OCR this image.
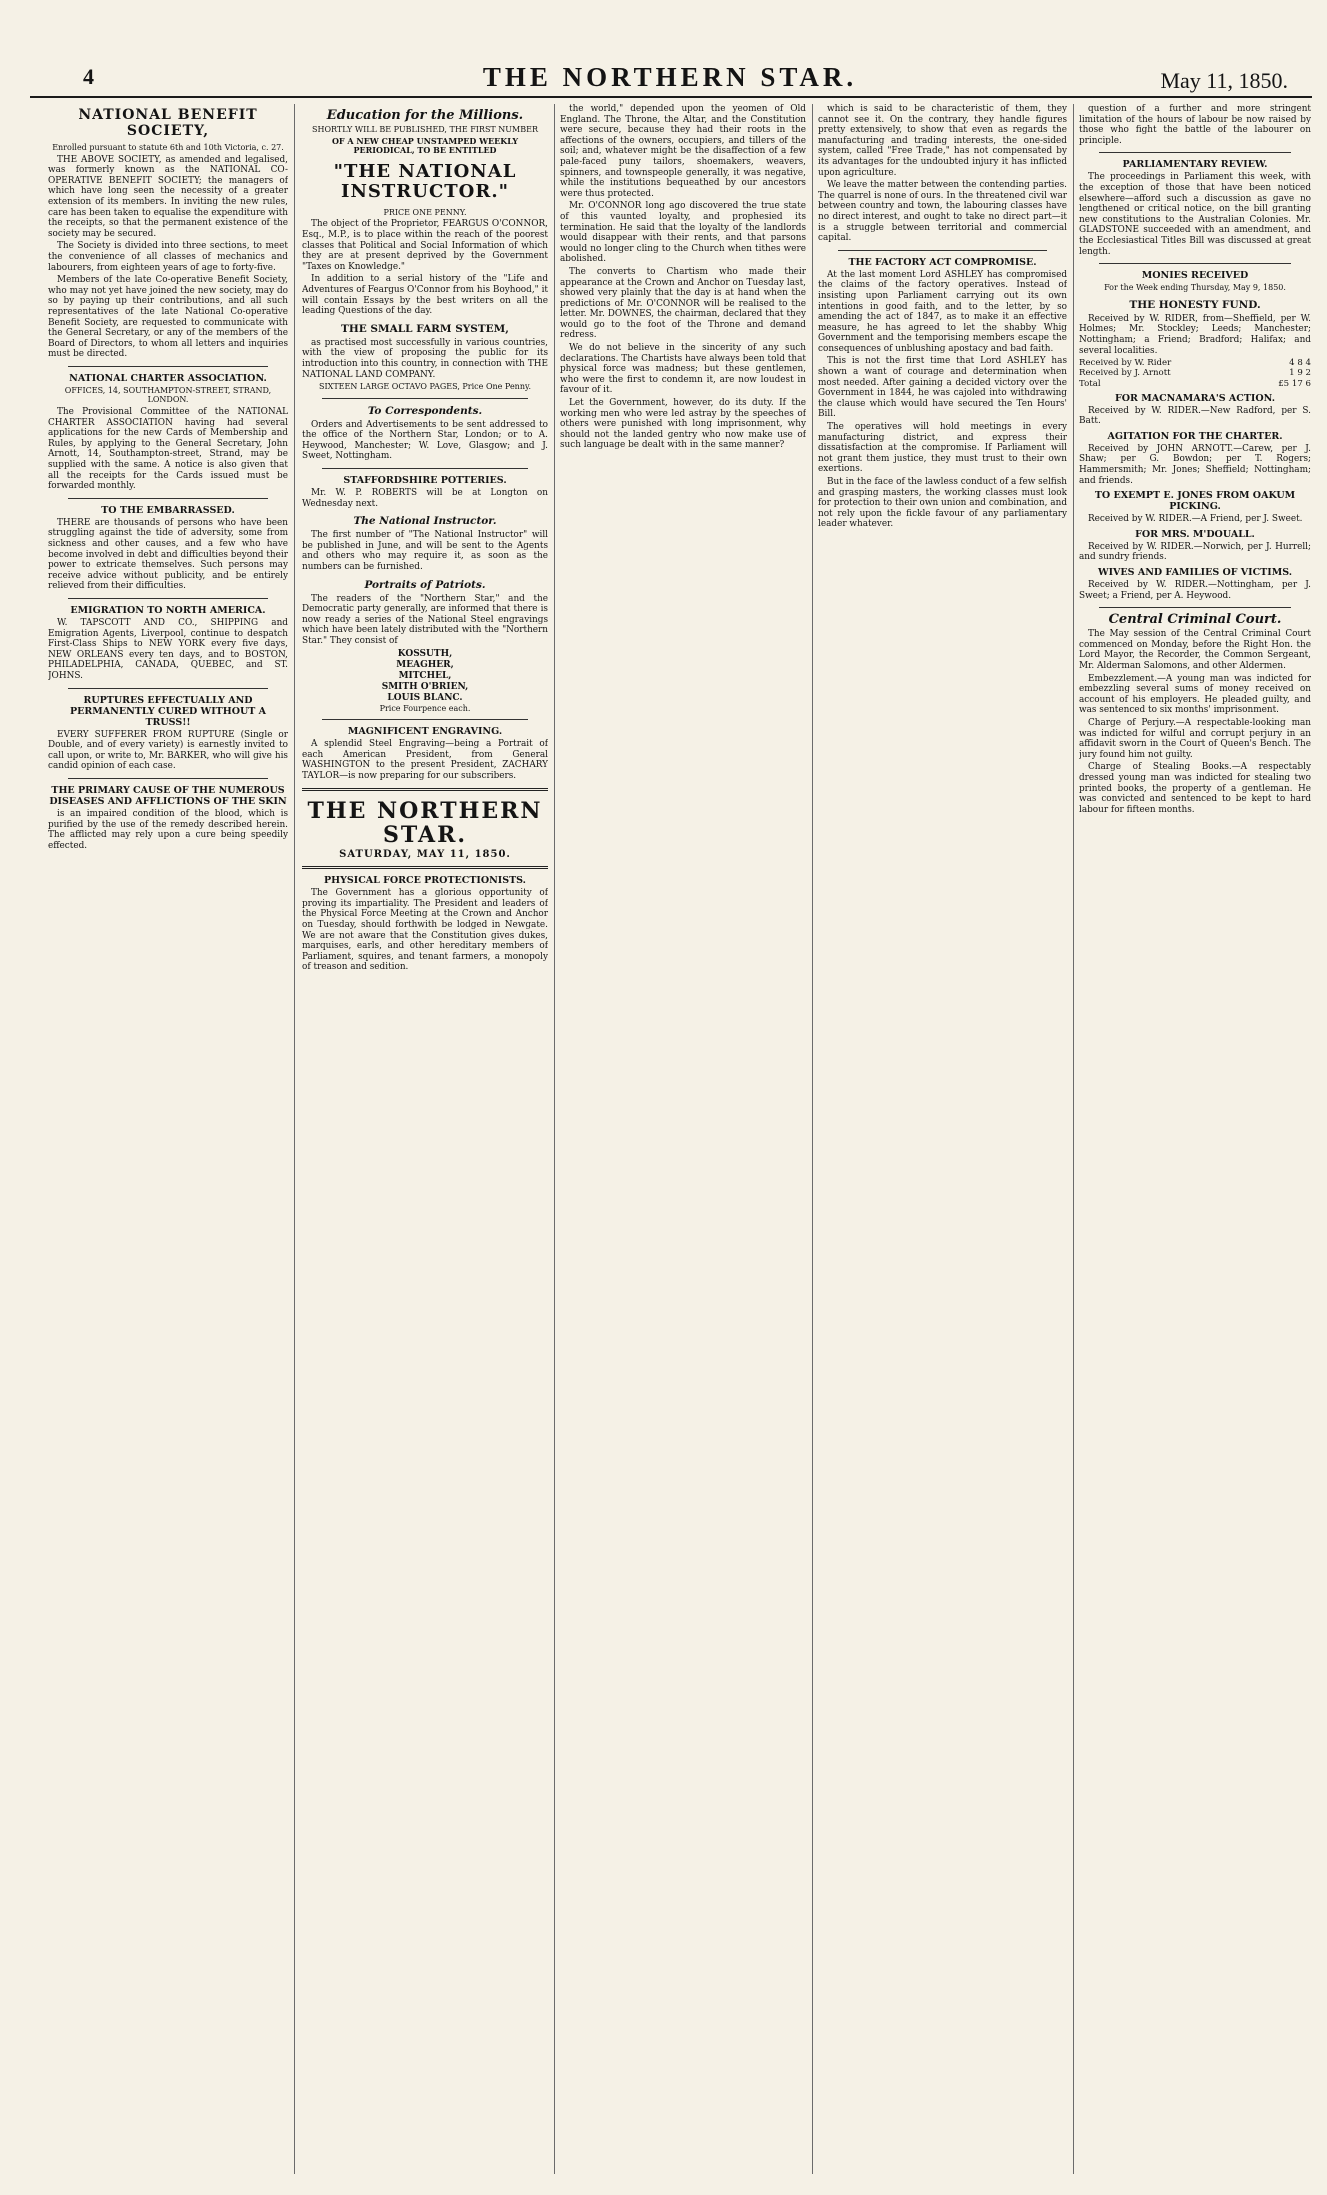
4	THE NORTHERN STAR.	May 11, 1850.
NATIONAL BENEFIT SOCIETY,

Enrolled pursuant to statute 6th and 10th Victoria, c. 27.

THE ABOVE SOCIETY, as amended and legalised, was formerly known as the NATIONAL CO-OPERATIVE BENEFIT SOCIETY; the managers of which have long seen the necessity of a greater extension of its members. In inviting the new rules, care has been taken to equalise the expenditure with the receipts, so that the permanent existence of the society may be secured.

The Society is divided into three sections, to meet the convenience of all classes of mechanics and labourers, from eighteen years of age to forty-five.

Members of the late Co-operative Benefit Society, who may not yet have joined the new society, may do so by paying up their contributions, and all such representatives of the late National Co-operative Benefit Society, are requested to communicate with the General Secretary, or any of the members of the Board of Directors, to whom all letters and inquiries must be directed.

NATIONAL CHARTER ASSOCIATION.

OFFICES, 14, SOUTHAMPTON-STREET, STRAND, LONDON.

The Provisional Committee of the NATIONAL CHARTER ASSOCIATION having had several applications for the new Cards of Membership and Rules, by applying to the General Secretary, John Arnott, 14, Southampton-street, Strand, may be supplied with the same. A notice is also given that all the receipts for the Cards issued must be forwarded monthly.

TO THE EMBARRASSED.

THERE are thousands of persons who have been struggling against the tide of adversity, some from sickness and other causes, and a few who have become involved in debt and difficulties beyond their power to extricate themselves. Such persons may receive advice without publicity, and be entirely relieved from their difficulties.

EMIGRATION TO NORTH AMERICA.

W. TAPSCOTT AND CO., SHIPPING and Emigration Agents, Liverpool, continue to despatch First-Class Ships to NEW YORK every five days, NEW ORLEANS every ten days, and to BOSTON, PHILADELPHIA, CANADA, QUEBEC, and ST. JOHNS.

RUPTURES EFFECTUALLY AND PERMANENTLY CURED WITHOUT A TRUSS!!

EVERY SUFFERER FROM RUPTURE (Single or Double, and of every variety) is earnestly invited to call upon, or write to, Mr. BARKER, who will give his candid opinion of each case.

THE PRIMARY CAUSE OF THE NUMEROUS DISEASES AND AFFLICTIONS OF THE SKIN

is an impaired condition of the blood, which is purified by the use of the remedy described herein. The afflicted may rely upon a cure being speedily effected.

Education for the Millions.

SHORTLY WILL BE PUBLISHED, THE FIRST NUMBER

OF A NEW CHEAP UNSTAMPED WEEKLY PERIODICAL, TO BE ENTITLED

"THE NATIONAL INSTRUCTOR."

PRICE ONE PENNY.

The object of the Proprietor, FEARGUS O'CONNOR, Esq., M.P., is to place within the reach of the poorest classes that Political and Social Information of which they are at present deprived by the Government "Taxes on Knowledge."

In addition to a serial history of the "Life and Adventures of Feargus O'Connor from his Boyhood," it will contain Essays by the best writers on all the leading Questions of the day.

THE SMALL FARM SYSTEM,

as practised most successfully in various countries, with the view of proposing the public for its introduction into this country, in connection with THE NATIONAL LAND COMPANY.

SIXTEEN LARGE OCTAVO PAGES, Price One Penny.

To Correspondents.

Orders and Advertisements to be sent addressed to the office of the Northern Star, London; or to A. Heywood, Manchester; W. Love, Glasgow; and J. Sweet, Nottingham.

STAFFORDSHIRE POTTERIES.

Mr. W. P. ROBERTS will be at Longton on Wednesday next.

The National Instructor.

The first number of "The National Instructor" will be published in June, and will be sent to the Agents and others who may require it, as soon as the numbers can be furnished.

Portraits of Patriots.

The readers of the "Northern Star," and the Democratic party generally, are informed that there is now ready a series of the National Steel engravings which have been lately distributed with the "Northern Star." They consist of

KOSSUTH,
MEAGHER,
MITCHEL,
SMITH O'BRIEN,
LOUIS BLANC.

Price Fourpence each.

MAGNIFICENT ENGRAVING.

A splendid Steel Engraving—being a Portrait of each American President, from General WASHINGTON to the present President, ZACHARY TAYLOR—is now preparing for our subscribers.

THE NORTHERN STAR.
SATURDAY, MAY 11, 1850.
PHYSICAL FORCE PROTECTIONISTS.

The Government has a glorious opportunity of proving its impartiality. The President and leaders of the Physical Force Meeting at the Crown and Anchor on Tuesday, should forthwith be lodged in Newgate. We are not aware that the Constitution gives dukes, marquises, earls, and other hereditary members of Parliament, squires, and tenant farmers, a monopoly of treason and sedition.

the world," depended upon the yeomen of Old England. The Throne, the Altar, and the Constitution were secure, because they had their roots in the affections of the owners, occupiers, and tillers of the soil; and, whatever might be the disaffection of a few pale-faced puny tailors, shoemakers, weavers, spinners, and townspeople generally, it was negative, while the institutions bequeathed by our ancestors were thus protected.

Mr. O'CONNOR long ago discovered the true state of this vaunted loyalty, and prophesied its termination. He said that the loyalty of the landlords would disappear with their rents, and that parsons would no longer cling to the Church when tithes were abolished.

The converts to Chartism who made their appearance at the Crown and Anchor on Tuesday last, showed very plainly that the day is at hand when the predictions of Mr. O'CONNOR will be realised to the letter. Mr. DOWNES, the chairman, declared that they would go to the foot of the Throne and demand redress.

We do not believe in the sincerity of any such declarations. The Chartists have always been told that physical force was madness; but these gentlemen, who were the first to condemn it, are now loudest in favour of it.

Let the Government, however, do its duty. If the working men who were led astray by the speeches of others were punished with long imprisonment, why should not the landed gentry who now make use of such language be dealt with in the same manner?

which is said to be characteristic of them, they cannot see it. On the contrary, they handle figures pretty extensively, to show that even as regards the manufacturing and trading interests, the one-sided system, called "Free Trade," has not compensated by its advantages for the undoubted injury it has inflicted upon agriculture.

We leave the matter between the contending parties. The quarrel is none of ours. In the threatened civil war between country and town, the labouring classes have no direct interest, and ought to take no direct part—it is a struggle between territorial and commercial capital.

THE FACTORY ACT COMPROMISE.

At the last moment Lord ASHLEY has compromised the claims of the factory operatives. Instead of insisting upon Parliament carrying out its own intentions in good faith, and to the letter, by so amending the act of 1847, as to make it an effective measure, he has agreed to let the shabby Whig Government and the temporising members escape the consequences of unblushing apostacy and bad faith.

This is not the first time that Lord ASHLEY has shown a want of courage and determination when most needed. After gaining a decided victory over the Government in 1844, he was cajoled into withdrawing the clause which would have secured the Ten Hours' Bill.

The operatives will hold meetings in every manufacturing district, and express their dissatisfaction at the compromise. If Parliament will not grant them justice, they must trust to their own exertions.

But in the face of the lawless conduct of a few selfish and grasping masters, the working classes must look for protection to their own union and combination, and not rely upon the fickle favour of any parliamentary leader whatever.

question of a further and more stringent limitation of the hours of labour be now raised by those who fight the battle of the labourer on principle.

PARLIAMENTARY REVIEW.

The proceedings in Parliament this week, with the exception of those that have been noticed elsewhere—afford such a discussion as gave no lengthened or critical notice, on the bill granting new constitutions to the Australian Colonies. Mr. GLADSTONE succeeded with an amendment, and the Ecclesiastical Titles Bill was discussed at great length.

MONIES RECEIVED

For the Week ending Thursday, May 9, 1850.

THE HONESTY FUND.

Received by W. RIDER, from—Sheffield, per W. Holmes; Mr. Stockley; Leeds; Manchester; Nottingham; a Friend; Bradford; Halifax; and several localities.

Received by W. Rider	4 8 4
Received by J. Arnott	1 9 2
Total	£5 17 6
FOR MACNAMARA'S ACTION.

Received by W. RIDER.—New Radford, per S. Batt.

AGITATION FOR THE CHARTER.

Received by JOHN ARNOTT.—Carew, per J. Shaw; per G. Bowdon; per T. Rogers; Hammersmith; Mr. Jones; Sheffield; Nottingham; and friends.

TO EXEMPT E. JONES FROM OAKUM PICKING.

Received by W. RIDER.—A Friend, per J. Sweet.

FOR MRS. M'DOUALL.

Received by W. RIDER.—Norwich, per J. Hurrell; and sundry friends.

WIVES AND FAMILIES OF VICTIMS.

Received by W. RIDER.—Nottingham, per J. Sweet; a Friend, per A. Heywood.

Central Criminal Court.

The May session of the Central Criminal Court commenced on Monday, before the Right Hon. the Lord Mayor, the Recorder, the Common Sergeant, Mr. Alderman Salomons, and other Aldermen.

Embezzlement.—A young man was indicted for embezzling several sums of money received on account of his employers. He pleaded guilty, and was sentenced to six months' imprisonment.

Charge of Perjury.—A respectable-looking man was indicted for wilful and corrupt perjury in an affidavit sworn in the Court of Queen's Bench. The jury found him not guilty.

Charge of Stealing Books.—A respectably dressed young man was indicted for stealing two printed books, the property of a gentleman. He was convicted and sentenced to be kept to hard labour for fifteen months.
